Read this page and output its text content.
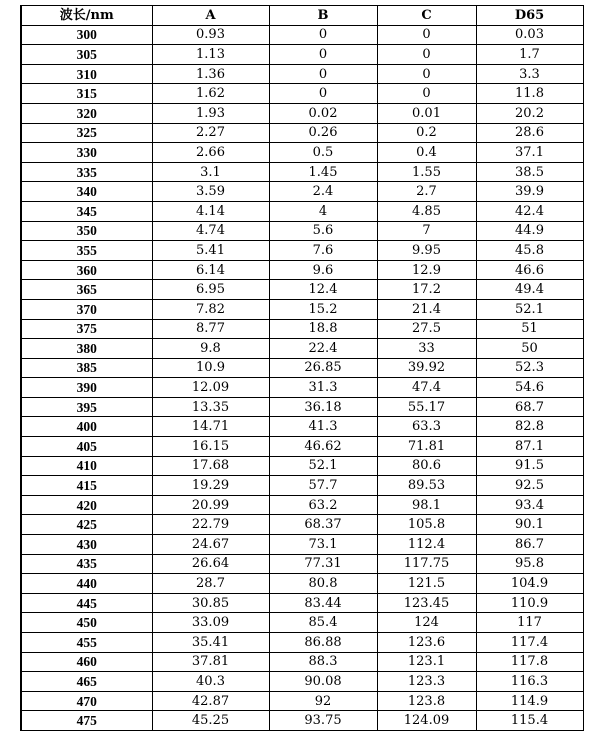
波长/nm	A	B	C	D65
300	0.93	0	0	0.03
305	1.13	0	0	1.7
310	1.36	0	0	3.3
315	1.62	0	0	11.8
320	1.93	0.02	0.01	20.2
325	2.27	0.26	0.2	28.6
330	2.66	0.5	0.4	37.1
335	3.1	1.45	1.55	38.5
340	3.59	2.4	2.7	39.9
345	4.14	4	4.85	42.4
350	4.74	5.6	7	44.9
355	5.41	7.6	9.95	45.8
360	6.14	9.6	12.9	46.6
365	6.95	12.4	17.2	49.4
370	7.82	15.2	21.4	52.1
375	8.77	18.8	27.5	51
380	9.8	22.4	33	50
385	10.9	26.85	39.92	52.3
390	12.09	31.3	47.4	54.6
395	13.35	36.18	55.17	68.7
400	14.71	41.3	63.3	82.8
405	16.15	46.62	71.81	87.1
410	17.68	52.1	80.6	91.5
415	19.29	57.7	89.53	92.5
420	20.99	63.2	98.1	93.4
425	22.79	68.37	105.8	90.1
430	24.67	73.1	112.4	86.7
435	26.64	77.31	117.75	95.8
440	28.7	80.8	121.5	104.9
445	30.85	83.44	123.45	110.9
450	33.09	85.4	124	117
455	35.41	86.88	123.6	117.4
460	37.81	88.3	123.1	117.8
465	40.3	90.08	123.3	116.3
470	42.87	92	123.8	114.9
475	45.25	93.75	124.09	115.4
